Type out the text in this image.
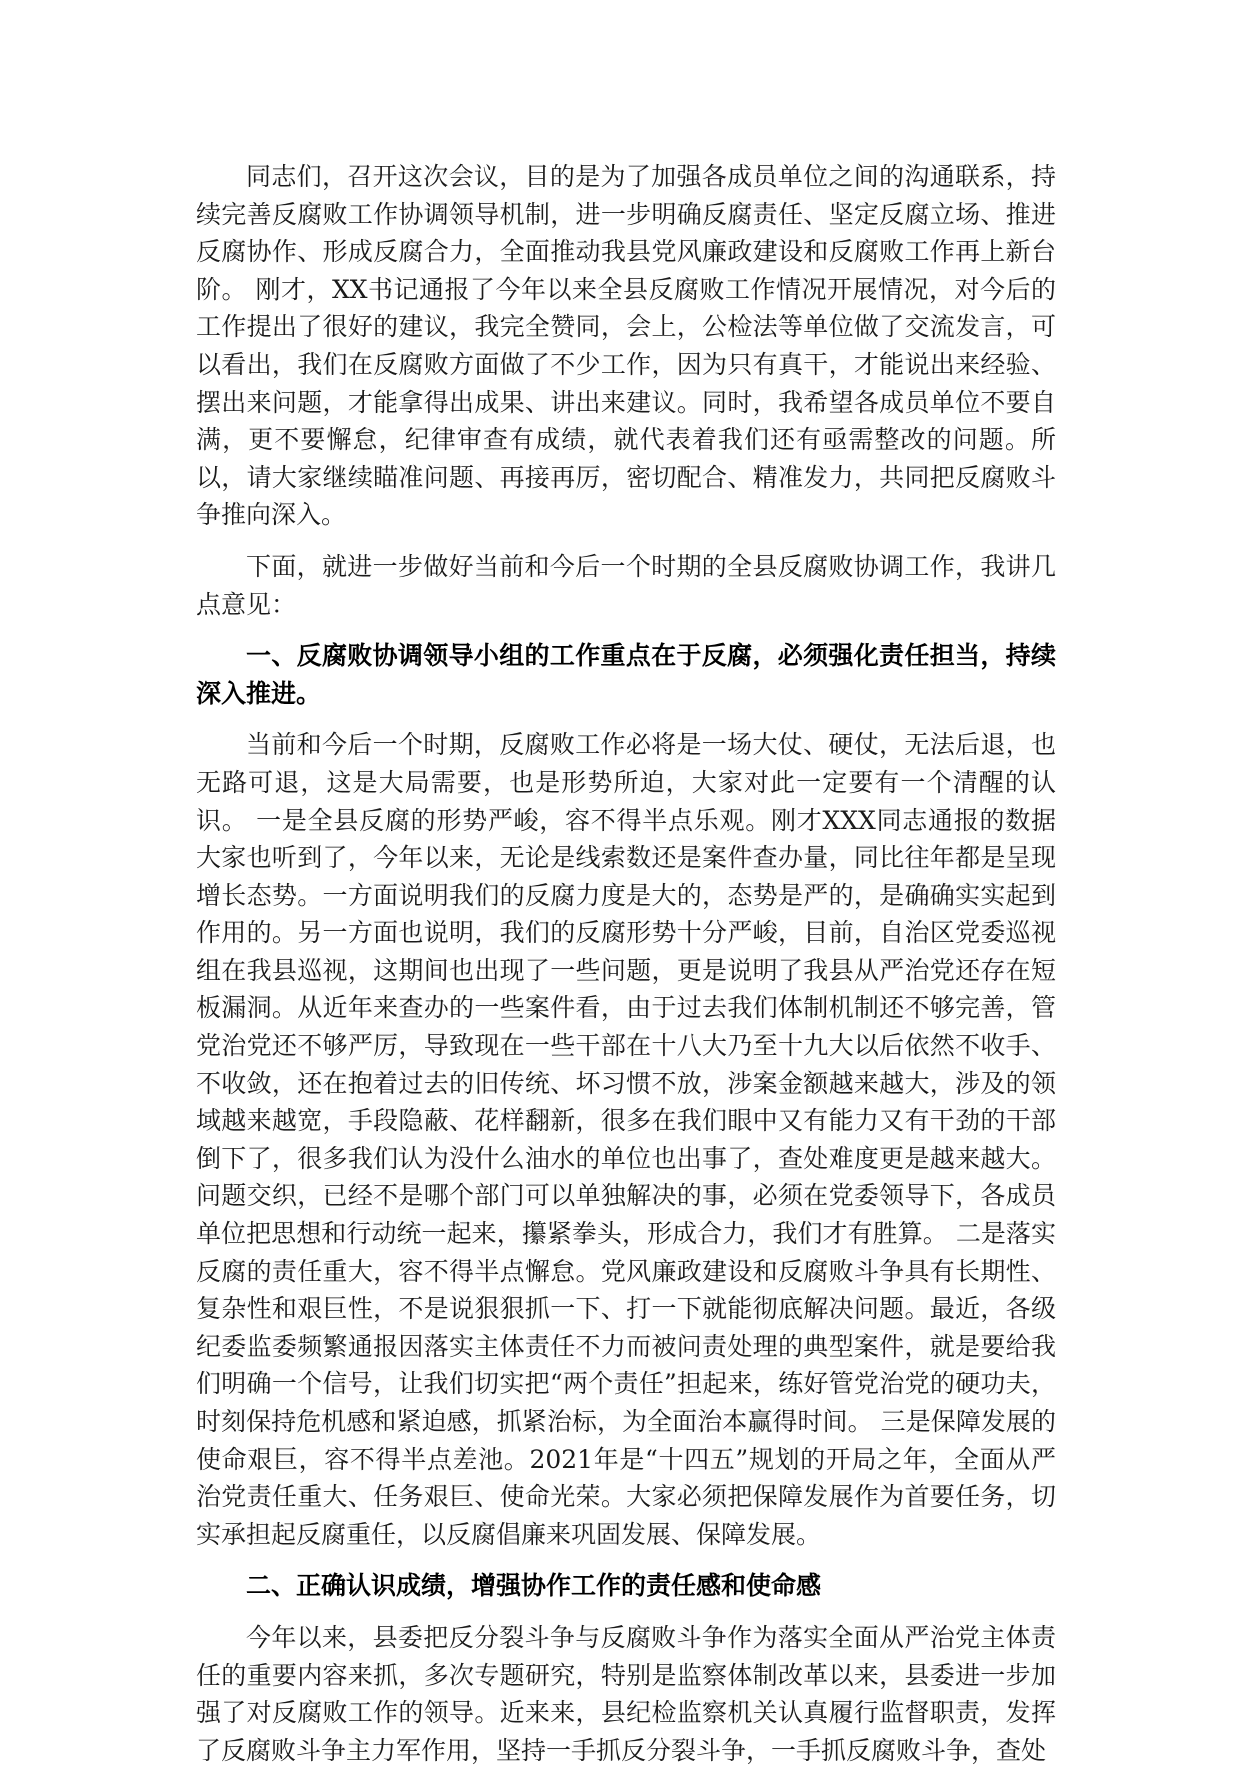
同志们，召开这次会议，目的是为了加强各成员单位之间的沟通联系，持续完善反腐败工作协调领导机制，进一步明确反腐责任、坚定反腐立场、推进反腐协作、形成反腐合力，全面推动我县党风廉政建设和反腐败工作再上新台阶。 刚才，XX书记通报了今年以来全县反腐败工作情况开展情况，对今后的工作提出了很好的建议，我完全赞同，会上，公检法等单位做了交流发言，可以看出，我们在反腐败方面做了不少工作，因为只有真干，才能说出来经验、摆出来问题，才能拿得出成果、讲出来建议。同时，我希望各成员单位不要自满，更不要懈怠，纪律审查有成绩，就代表着我们还有亟需整改的问题。所以，请大家继续瞄准问题、再接再厉，密切配合、精准发力，共同把反腐败斗争推向深入。

下面，就进一步做好当前和今后一个时期的全县反腐败协调工作，我讲几点意见：

一、反腐败协调领导小组的工作重点在于反腐，必须强化责任担当，持续深入推进。

当前和今后一个时期，反腐败工作必将是一场大仗、硬仗，无法后退，也无路可退，这是大局需要，也是形势所迫，大家对此一定要有一个清醒的认识。 一是全县反腐的形势严峻，容不得半点乐观。刚才XXX同志通报的数据大家也听到了，今年以来，无论是线索数还是案件查办量，同比往年都是呈现增长态势。一方面说明我们的反腐力度是大的，态势是严的，是确确实实起到作用的。另一方面也说明，我们的反腐形势十分严峻，目前，自治区党委巡视组在我县巡视，这期间也出现了一些问题，更是说明了我县从严治党还存在短板漏洞。从近年来查办的一些案件看，由于过去我们体制机制还不够完善，管党治党还不够严厉，导致现在一些干部在十八大乃至十九大以后依然不收手、不收敛，还在抱着过去的旧传统、坏习惯不放，涉案金额越来越大，涉及的领域越来越宽，手段隐蔽、花样翻新，很多在我们眼中又有能力又有干劲的干部倒下了，很多我们认为没什么油水的单位也出事了，查处难度更是越来越大。问题交织，已经不是哪个部门可以单独解决的事，必须在党委领导下，各成员单位把思想和行动统一起来，攥紧拳头，形成合力，我们才有胜算。 二是落实反腐的责任重大，容不得半点懈怠。党风廉政建设和反腐败斗争具有长期性、复杂性和艰巨性，不是说狠狠抓一下、打一下就能彻底解决问题。最近，各级纪委监委频繁通报因落实主体责任不力而被问责处理的典型案件，就是要给我们明确一个信号，让我们切实把“两个责任”担起来，练好管党治党的硬功夫，时刻保持危机感和紧迫感，抓紧治标，为全面治本赢得时间。 三是保障发展的使命艰巨，容不得半点差池。2021年是“十四五”规划的开局之年，全面从严治党责任重大、任务艰巨、使命光荣。大家必须把保障发展作为首要任务，切实承担起反腐重任，以反腐倡廉来巩固发展、保障发展。

二、正确认识成绩，增强协作工作的责任感和使命感

今年以来，县委把反分裂斗争与反腐败斗争作为落实全面从严治党主体责任的重要内容来抓，多次专题研究，特别是监察体制改革以来，县委进一步加强了对反腐败工作的领导。近来来，县纪检监察机关认真履行监督职责，发挥了反腐败斗争主力军作用，坚持一手抓反分裂斗争，一手抓反腐败斗争，查处
